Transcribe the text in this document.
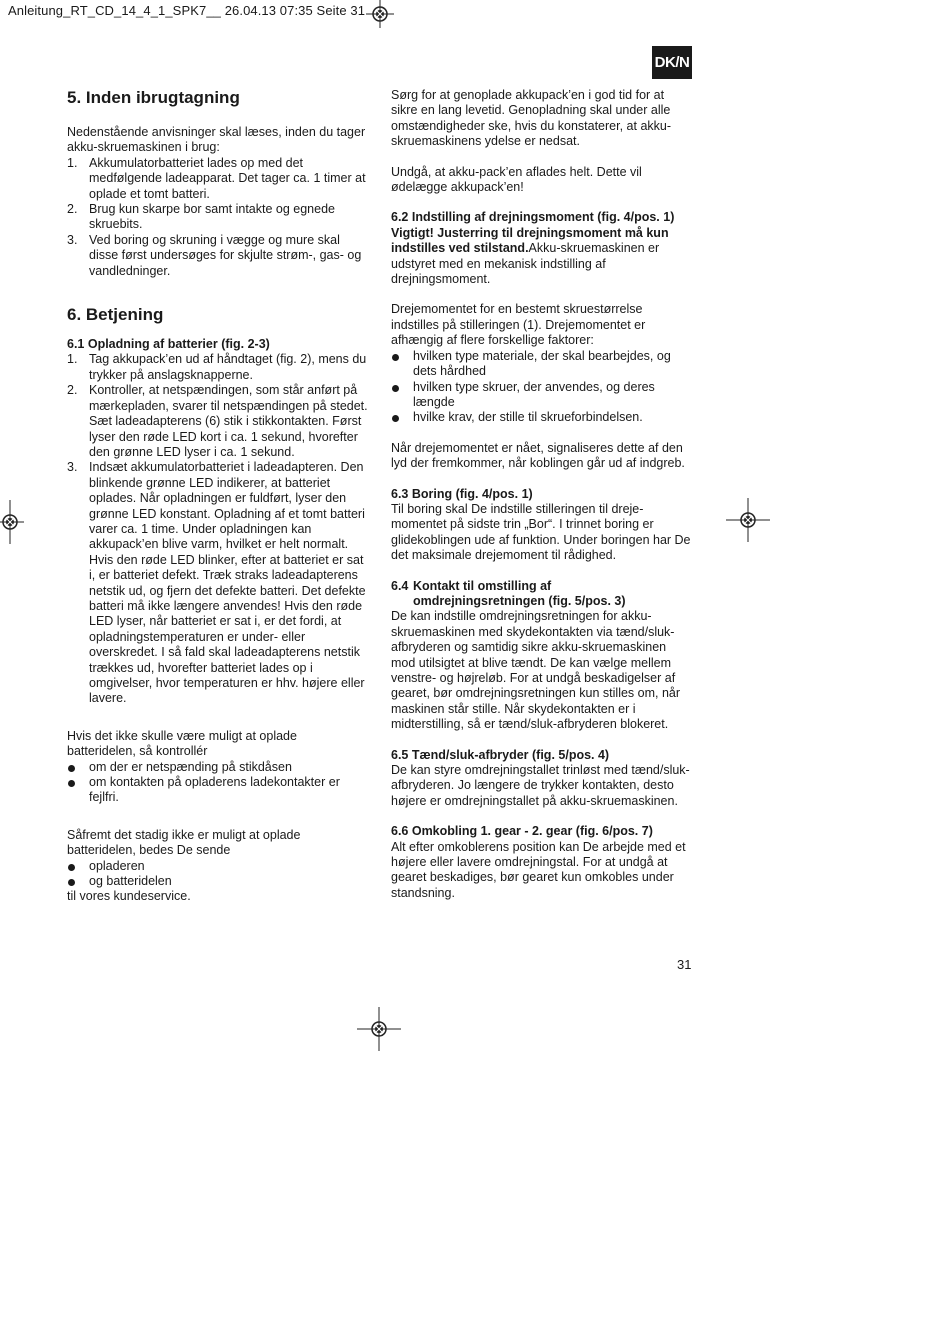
Anleitung_RT_CD_14_4_1_SPK7__ 26.04.13 07:35 Seite 31
DK/N

5. Inden ibrugtagning

Nedenstående anvisninger skal læses, inden du tager akku-skruemaskinen i brug:

1. Akkumulatorbatteriet lades op med det medfølgende ladeapparat. Det tager ca. 1 timer at oplade et tomt batteri.
2. Brug kun skarpe bor samt intakte og egnede skruebits.
3. Ved boring og skruning i vægge og mure skal disse først undersøges for skjulte strøm-, gas- og vandledninger.

6. Betjening

6.1 Opladning af batterier (fig. 2-3)

1. Tag akkupack’en ud af håndtaget (fig. 2), mens du trykker på anslagsknapperne.
2. Kontroller, at netspændingen, som står anført på mærkepladen, svarer til netspændingen på stedet. Sæt ladeadapterens (6) stik i stikkontakten. Først lyser den røde LED kort i ca. 1 sekund, hvorefter den grønne LED lyser i ca. 1 sekund.
3. Indsæt akkumulatorbatteriet i ladeadapteren. Den blinkende grønne LED indikerer, at batteriet oplades. Når opladningen er fuldført, lyser den grønne LED konstant. Opladning af et tomt batteri varer ca. 1 time. Under opladningen kan akkupack’en blive varm, hvilket er helt normalt. Hvis den røde LED blinker, efter at batteriet er sat i, er batteriet defekt. Træk straks ladeadapterens netstik ud, og fjern det defekte batteri. Det defekte batteri må ikke længere anvendes! Hvis den røde LED lyser, når batteriet er sat i, er det fordi, at opladningstemperaturen er under- eller overskredet. I så fald skal ladeadapterens netstik trækkes ud, hvorefter batteriet lades op i omgivelser, hvor temperaturen er hhv. højere eller lavere.

Hvis det ikke skulle være muligt at oplade batteridelen, så kontrollér

om der er netspænding på stikdåsen
om kontakten på opladerens ladekontakter er fejlfri.

Såfremt det stadig ikke er muligt at oplade batteridelen, bedes De sende

opladeren
og batteridelen

til vores kundeservice.

Sørg for at genoplade akkupack’en i god tid for at sikre en lang levetid. Genopladning skal under alle omstændigheder ske, hvis du konstaterer, at akku-skruemaskinens ydelse er nedsat.

Undgå, at akku-pack’en aflades helt. Dette vil ødelægge akkupack’en!

6.2 Indstilling af drejningsmoment (fig. 4/pos. 1)

Vigtigt! Justerring til drejningsmoment må kun indstilles ved stilstand.Akku-skruemaskinen er udstyret med en mekanisk indstilling af drejningsmoment.

Drejemomentet for en bestemt skruestørrelse indstilles på stilleringen (1). Drejemomentet er afhængig af flere forskellige faktorer:

hvilken type materiale, der skal bearbejdes, og dets hårdhed
hvilken type skruer, der anvendes, og deres længde
hvilke krav, der stille til skrueforbindelsen.

Når drejemomentet er nået, signaliseres dette af den lyd der fremkommer, når koblingen går ud af indgreb.

6.3 Boring (fig. 4/pos. 1)

Til boring skal De indstille stilleringen til dreje-momentet på sidste trin „Bor“. I trinnet boring er glidekoblingen ude af funktion. Under boringen har De det maksimale drejemoment til rådighed.

6.4 Kontakt til omstilling af
omdrejningsretningen (fig. 5/pos. 3)

De kan indstille omdrejningsretningen for akku-skruemaskinen med skydekontakten via tænd/sluk-afbryderen og samtidig sikre akku-skruemaskinen mod utilsigtet at blive tændt. De kan vælge mellem venstre- og højreløb. For at undgå beskadigelser af gearet, bør omdrejningsretningen kun stilles om, når maskinen står stille. Når skydekontakten er i midterstilling, så er tænd/sluk-afbryderen blokeret.

6.5 Tænd/sluk-afbryder (fig. 5/pos. 4)

De kan styre omdrejningstallet trinløst med tænd/sluk-afbryderen. Jo længere de trykker kontakten, desto højere er omdrejningstallet på akku-skruemaskinen.

6.6 Omkobling 1. gear - 2. gear (fig. 6/pos. 7)

Alt efter omkoblerens position kan De arbejde med et højere eller lavere omdrejningstal. For at undgå at gearet beskadiges, bør gearet kun omkobles under standsning.

31
